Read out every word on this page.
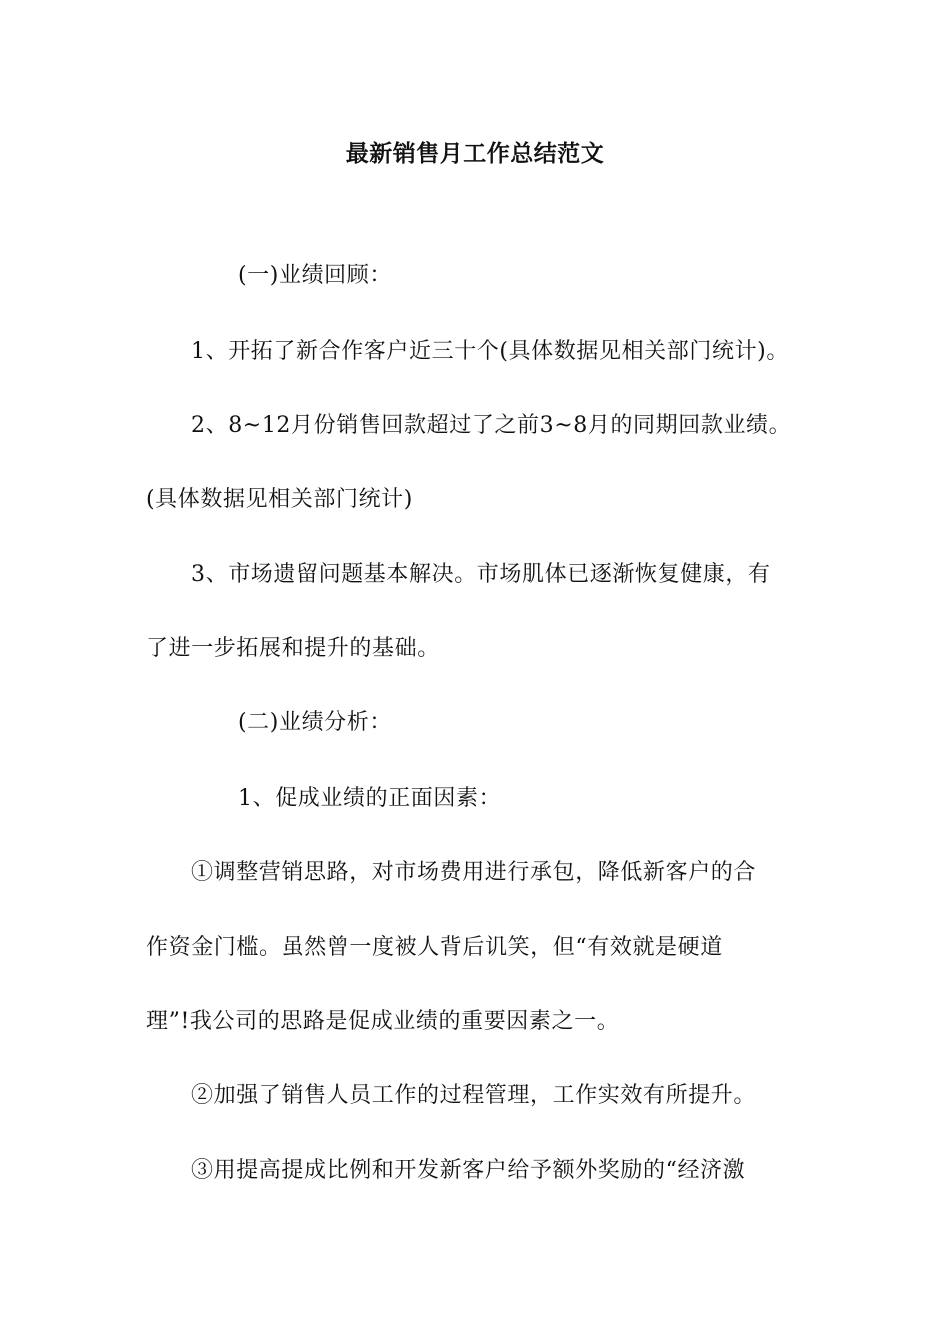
最新销售月工作总结范文
(一)业绩回顾：
1、开拓了新合作客户近三十个(具体数据见相关部门统计)。
2、8~12月份销售回款超过了之前3~8月的同期回款业绩。
(具体数据见相关部门统计)
3、市场遗留问题基本解决。市场肌体已逐渐恢复健康，有
了进一步拓展和提升的基础。
(二)业绩分析：
1、促成业绩的正面因素：
①调整营销思路，对市场费用进行承包，降低新客户的合
作资金门槛。虽然曾一度被人背后讥笑，但“有效就是硬道
理”!我公司的思路是促成业绩的重要因素之一。
②加强了销售人员工作的过程管理，工作实效有所提升。
③用提高提成比例和开发新客户给予额外奖励的“经济激
